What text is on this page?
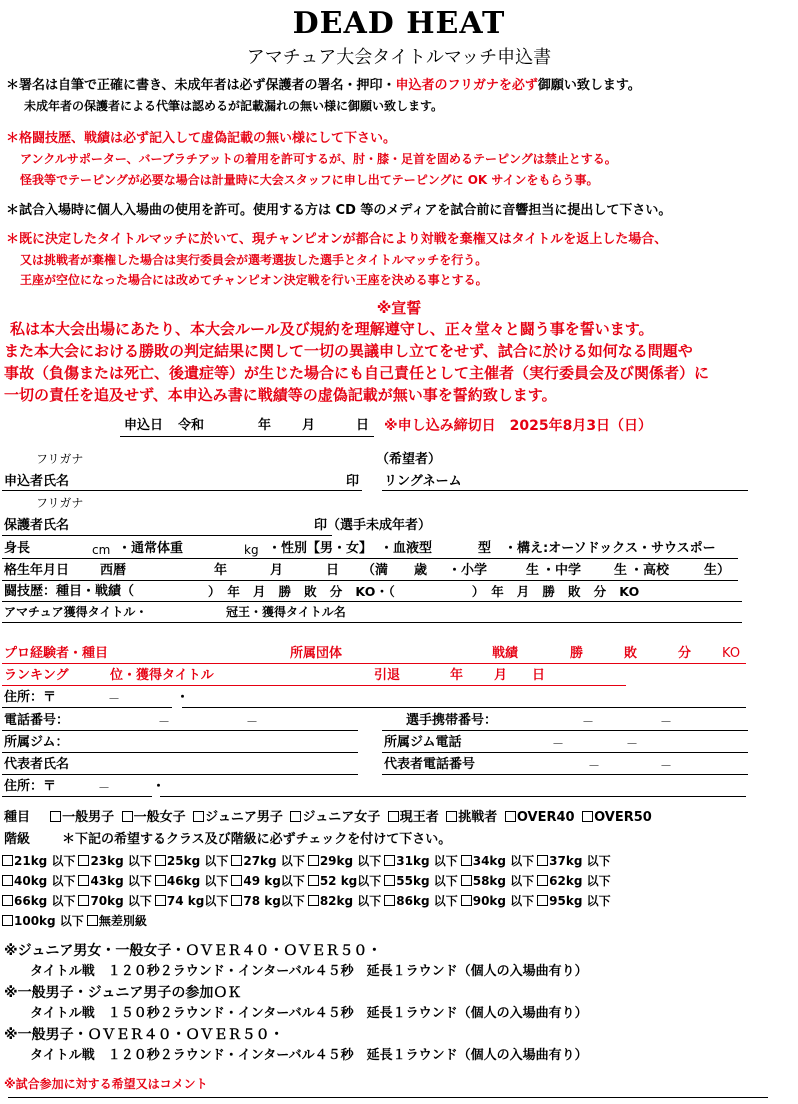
DEAD HEAT
アマチュア大会タイトルマッチ申込書
＊署名は自筆で正確に書き、未成年者は必ず保護者の署名・押印・申込者のフリガナを必ず御願い致します。
未成年者の保護者による代筆は認めるが記載漏れの無い様に御願い致します。
＊格闘技歴、戦績は必ず記入して虚偽記載の無い様にして下さい。
アンクルサポーター、バーブラチアットの着用を許可するが、肘・膝・足首を固めるテーピングは禁止とする。
怪我等でテーピングが必要な場合は計量時に大会スタッフに申し出てテーピングに OK サインをもらう事。
＊試合入場時に個人入場曲の使用を許可。使用する方は CD 等のメディアを試合前に音響担当に提出して下さい。
＊既に決定したタイトルマッチに於いて、現チャンピオンが都合により対戦を棄権又はタイトルを返上した場合、
又は挑戦者が棄権した場合は実行委員会が選考選抜した選手とタイトルマッチを行う。
王座が空位になった場合には改めてチャンピオン決定戦を行い王座を決める事とする。
※宣誓
私は本大会出場にあたり、本大会ルール及び規約を理解遵守し、正々堂々と闘う事を誓います。
また本大会における勝敗の判定結果に関して一切の異議申し立てをせず、試合に於ける如何なる問題や
事故（負傷または死亡、後遺症等）が生じた場合にも自己責任として主催者（実行委員会及び関係者）に
一切の責任を追及せず、本申込み書に戦績等の虚偽記載が無い事を誓約致します。
申込日 令和	年 月	日 ※申し込み締切日　2025年8月3日（日）
フリガナ	（希望者）
申込者氏名	印 リングネーム
フリガナ
保護者氏名	印（選手未成年者）
身長	cm ・通常体重	kg ・性別【男・女】 ・血液型	型 ・構え:オーソドックス・サウスポー
格生年月日 西暦	年	月	日 （満　　歳 ・小学	生 ・中学	生 ・高校	生）
闘技歴：種目・戦績（	）　年　月　勝　敗　分　KO・（　　　　　　）　年　月　勝　敗　分　KO
アマチュア獲得タイトル・	冠王・獲得タイトル名
プロ経験者・種目	所属団体	戦績	勝	敗	分 KO
ランキング	位・獲得タイトル	引退	年 月 日
住所：〒	－	・
電話番号：	－	－	選手携帯番号：	－	－
所属ジム：	所属ジム電話	－	－
代表者氏名	代表者電話番号	－	－
住所：〒	－	・
種目 一般男子 一般女子 ジュニア男子 ジュニア女子 現王者 挑戦者 OVER40 OVER50
階級 ＊下記の希望するクラス及び階級に必ずチェックを付けて下さい。
21kg 以下 23kg 以下 25kg 以下 27kg 以下 29kg 以下 31kg 以下 34kg 以下 37kg 以下
40kg 以下 43kg 以下 46kg 以下 49 kg以下 52 kg以下 55kg 以下 58kg 以下 62kg 以下
66kg 以下 70kg 以下 74 kg以下 78 kg以下 82kg 以下 86kg 以下 90kg 以下 95kg 以下
100kg 以下 無差別級
※ジュニア男女・一般女子・ＯＶＥＲ４０・ＯＶＥＲ５０・
タイトル戦　１２０秒２ラウンド・インターバル４５秒　延長１ラウンド（個人の入場曲有り）
※一般男子・ジュニア男子の参加ＯＫ
タイトル戦　１５０秒２ラウンド・インターバル４５秒　延長１ラウンド（個人の入場曲有り）
※一般男子・ＯＶＥＲ４０・ＯＶＥＲ５０・
タイトル戦　１２０秒２ラウンド・インターバル４５秒　延長１ラウンド（個人の入場曲有り）
※試合参加に対する希望又はコメント
